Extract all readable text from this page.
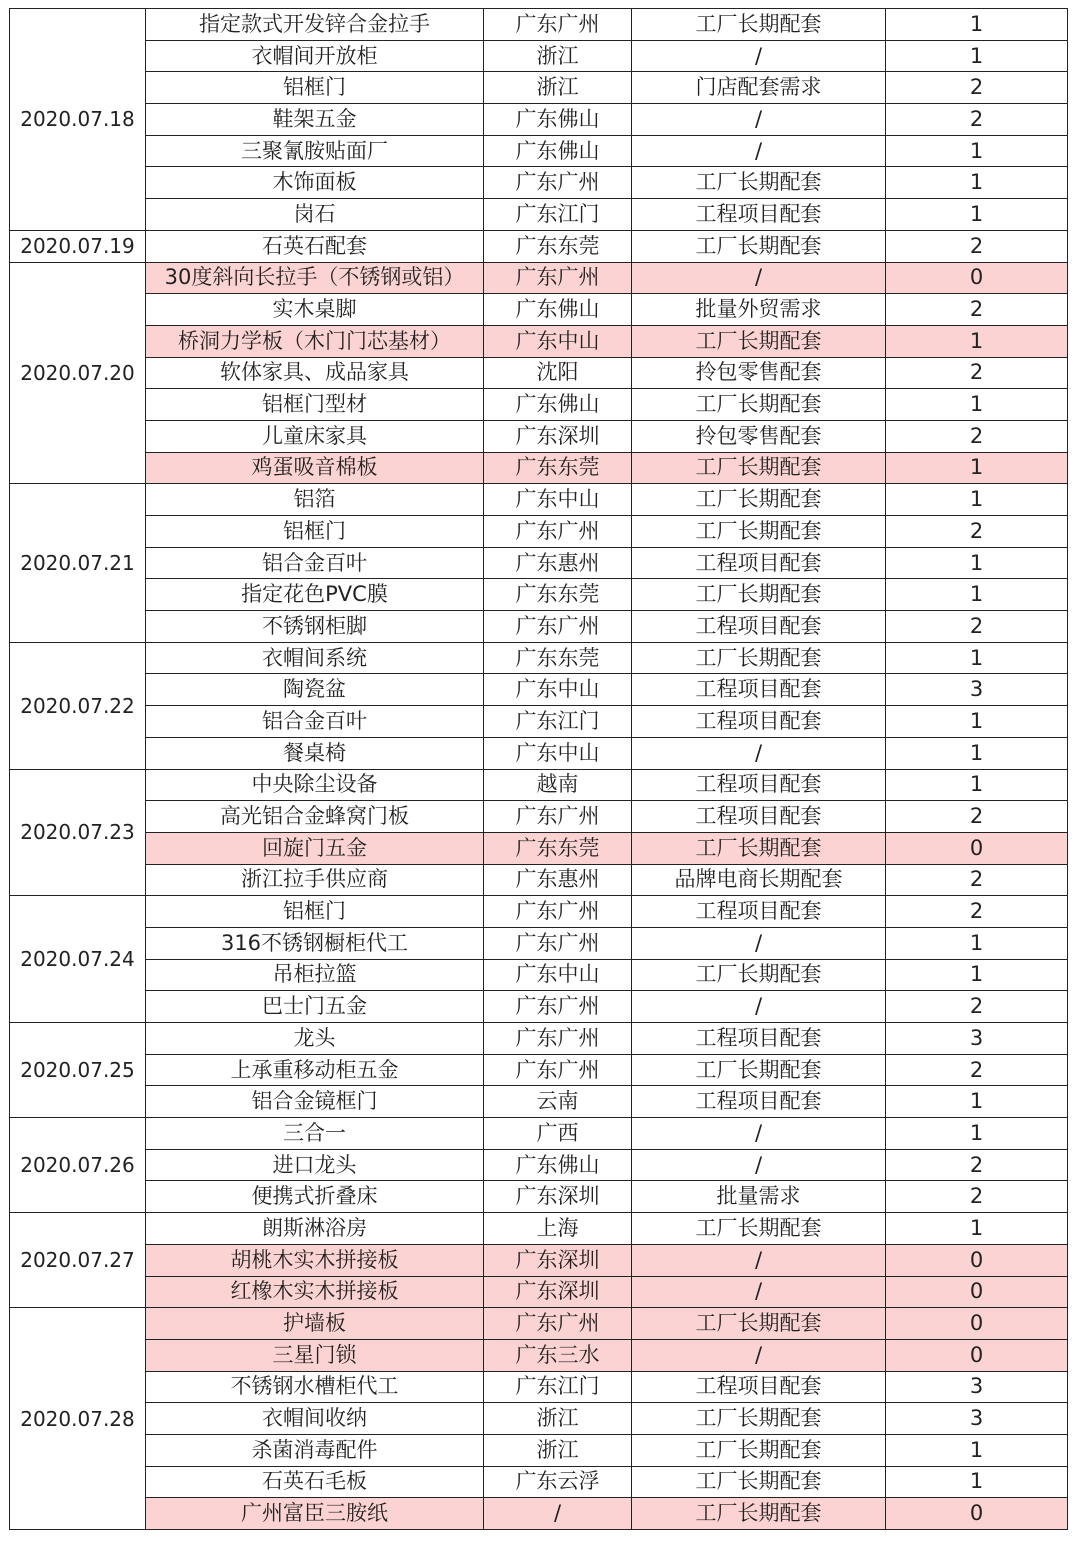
2020.07.18	指定款式开发锌合金拉手	广东广州	工厂长期配套	1
	衣帽间开放柜	浙江	/	1
	铝框门	浙江	门店配套需求	2
	鞋架五金	广东佛山	/	2
	三聚氰胺贴面厂	广东佛山	/	1
	木饰面板	广东广州	工厂长期配套	1
	岗石	广东江门	工程项目配套	1
2020.07.19	石英石配套	广东东莞	工厂长期配套	2
2020.07.20	30度斜向长拉手（不锈钢或铝）	广东广州	/	0
	实木桌脚	广东佛山	批量外贸需求	2
	桥洞力学板（木门门芯基材）	广东中山	工厂长期配套	1
	软体家具、成品家具	沈阳	拎包零售配套	2
	铝框门型材	广东佛山	工厂长期配套	1
	儿童床家具	广东深圳	拎包零售配套	2
	鸡蛋吸音棉板	广东东莞	工厂长期配套	1
2020.07.21	铝箔	广东中山	工厂长期配套	1
	铝框门	广东广州	工厂长期配套	2
	铝合金百叶	广东惠州	工程项目配套	1
	指定花色PVC膜	广东东莞	工厂长期配套	1
	不锈钢柜脚	广东广州	工程项目配套	2
2020.07.22	衣帽间系统	广东东莞	工厂长期配套	1
	陶瓷盆	广东中山	工程项目配套	3
	铝合金百叶	广东江门	工程项目配套	1
	餐桌椅	广东中山	/	1
2020.07.23	中央除尘设备	越南	工程项目配套	1
	高光铝合金蜂窝门板	广东广州	工程项目配套	2
	回旋门五金	广东东莞	工厂长期配套	0
	浙江拉手供应商	广东惠州	品牌电商长期配套	2
2020.07.24	铝框门	广东广州	工程项目配套	2
	316不锈钢橱柜代工	广东广州	/	1
	吊柜拉篮	广东中山	工厂长期配套	1
	巴士门五金	广东广州	/	2
2020.07.25	龙头	广东广州	工程项目配套	3
	上承重移动柜五金	广东广州	工厂长期配套	2
	铝合金镜框门	云南	工程项目配套	1
2020.07.26	三合一	广西	/	1
	进口龙头	广东佛山	/	2
	便携式折叠床	广东深圳	批量需求	2
2020.07.27	朗斯淋浴房	上海	工厂长期配套	1
	胡桃木实木拼接板	广东深圳	/	0
	红橡木实木拼接板	广东深圳	/	0
2020.07.28	护墙板	广东广州	工厂长期配套	0
	三星门锁	广东三水	/	0
	不锈钢水槽柜代工	广东江门	工程项目配套	3
	衣帽间收纳	浙江	工厂长期配套	3
	杀菌消毒配件	浙江	工厂长期配套	1
	石英石毛板	广东云浮	工厂长期配套	1
	广州富臣三胺纸	/	工厂长期配套	0
